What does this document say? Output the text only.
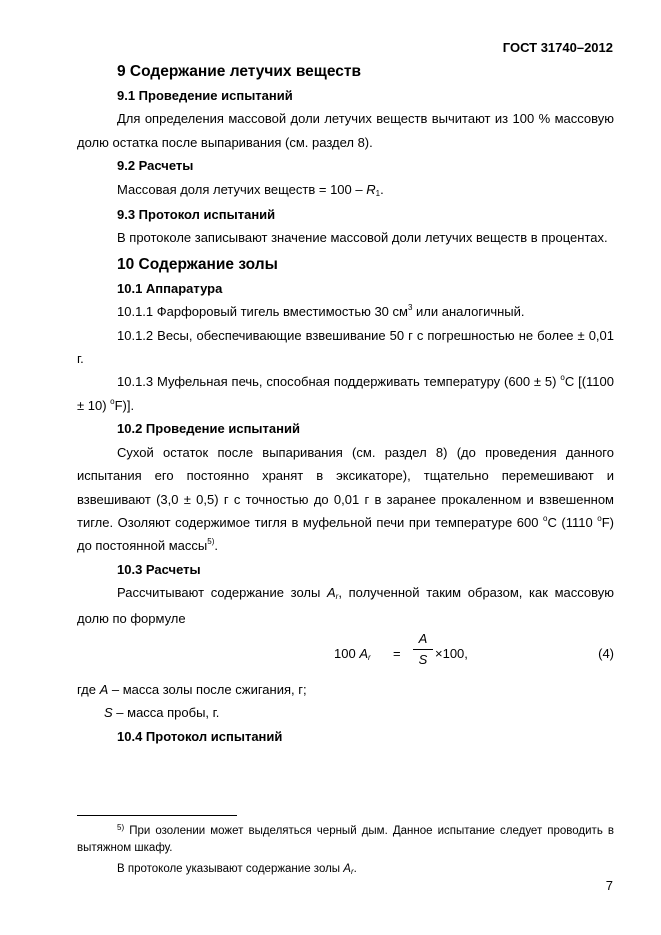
ГОСТ 31740–2012
9 Содержание летучих веществ
9.1 Проведение испытаний
Для определения массовой доли летучих веществ вычитают из 100 % массовую долю остатка после выпаривания (см. раздел 8).
9.2 Расчеты
Массовая доля летучих веществ = $100 - R_1$.
9.3 Протокол испытаний
В протоколе записывают значение массовой доли летучих веществ в процентах.
10 Содержание золы
10.1 Аппаратура
10.1.1 Фарфоровый тигель вместимостью 30 $см^3$ или аналогичный.
10.1.2 Весы, обеспечивающие взвешивание 50 г с погрешностью не более ± 0,01 г.
10.1.3 Муфельная печь, способная поддерживать температуру (600 ± 5) $^o$C [(1100 ± 10) $^o$F)].
10.2 Проведение испытаний
Сухой остаток после выпаривания (см. раздел 8) (до проведения данного испытания его постоянно хранят в эксикаторе), тщательно перемешивают и взвешивают (3,0 ± 0,5) г с точностью до 0,01 г в заранее прокаленном и взвешенном тигле. Озоляют содержимое тигля в муфельной печи при температуре 600 $^o$C (1110 $^o$F) до постоянной массы$^{5)}$.
10.3 Расчеты
Рассчитывают содержание золы $A_r$, полученной таким образом, как массовую долю по формуле
100 $A_r$ =
A
S ×100,	(4)
где A – масса золы после сжигания, г;
S – масса пробы, г.
10.4 Протокол испытаний
$^{5)}$ При озолении может выделяться черный дым. Данное испытание следует проводить в вытяжном шкафу.
В протоколе указывают содержание золы $A_r$.
7
